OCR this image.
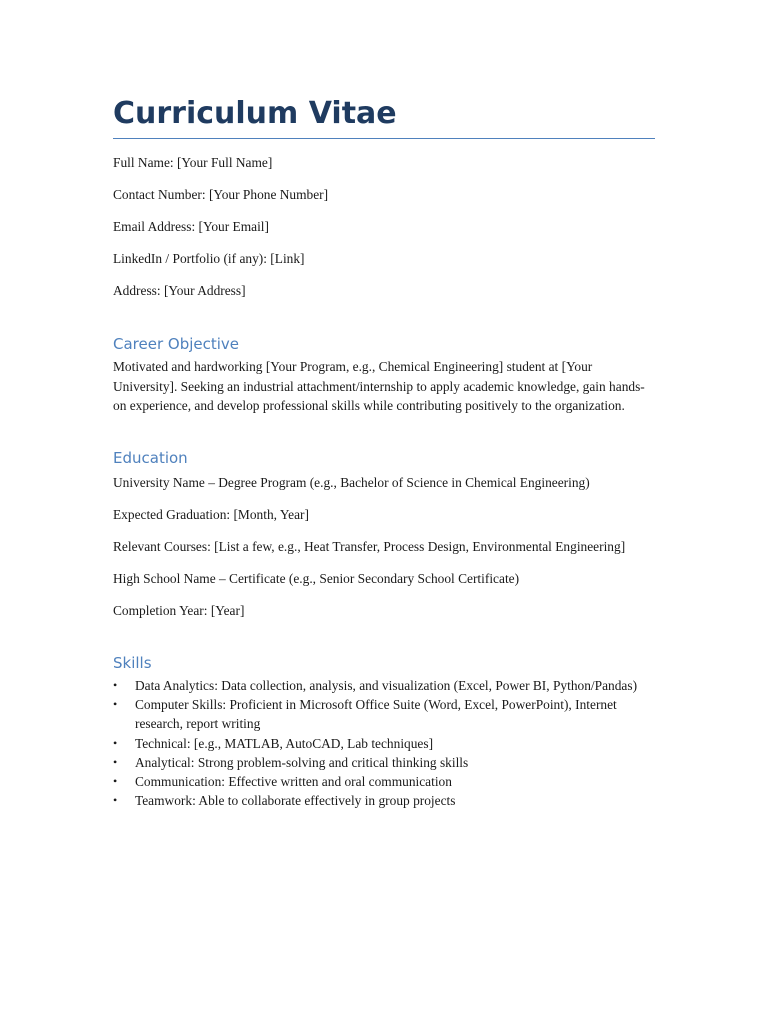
Curriculum Vitae

Full Name: [Your Full Name]

Contact Number: [Your Phone Number]

Email Address: [Your Email]

LinkedIn / Portfolio (if any): [Link]

Address: [Your Address]

Career Objective

Motivated and hardworking [Your Program, e.g., Chemical Engineering] student at [Your University]. Seeking an industrial attachment/internship to apply academic knowledge, gain hands-on experience, and develop professional skills while contributing positively to the organization.

Education

University Name – Degree Program (e.g., Bachelor of Science in Chemical Engineering)

Expected Graduation: [Month, Year]

Relevant Courses: [List a few, e.g., Heat Transfer, Process Design, Environmental Engineering]

High School Name – Certificate (e.g., Senior Secondary School Certificate)

Completion Year: [Year]

Skills
• Data Analytics: Data collection, analysis, and visualization (Excel, Power BI, Python/Pandas)
• Computer Skills: Proficient in Microsoft Office Suite (Word, Excel, PowerPoint), Internet research, report writing
• Technical: [e.g., MATLAB, AutoCAD, Lab techniques]
• Analytical: Strong problem-solving and critical thinking skills
• Communication: Effective written and oral communication
• Teamwork: Able to collaborate effectively in group projects
